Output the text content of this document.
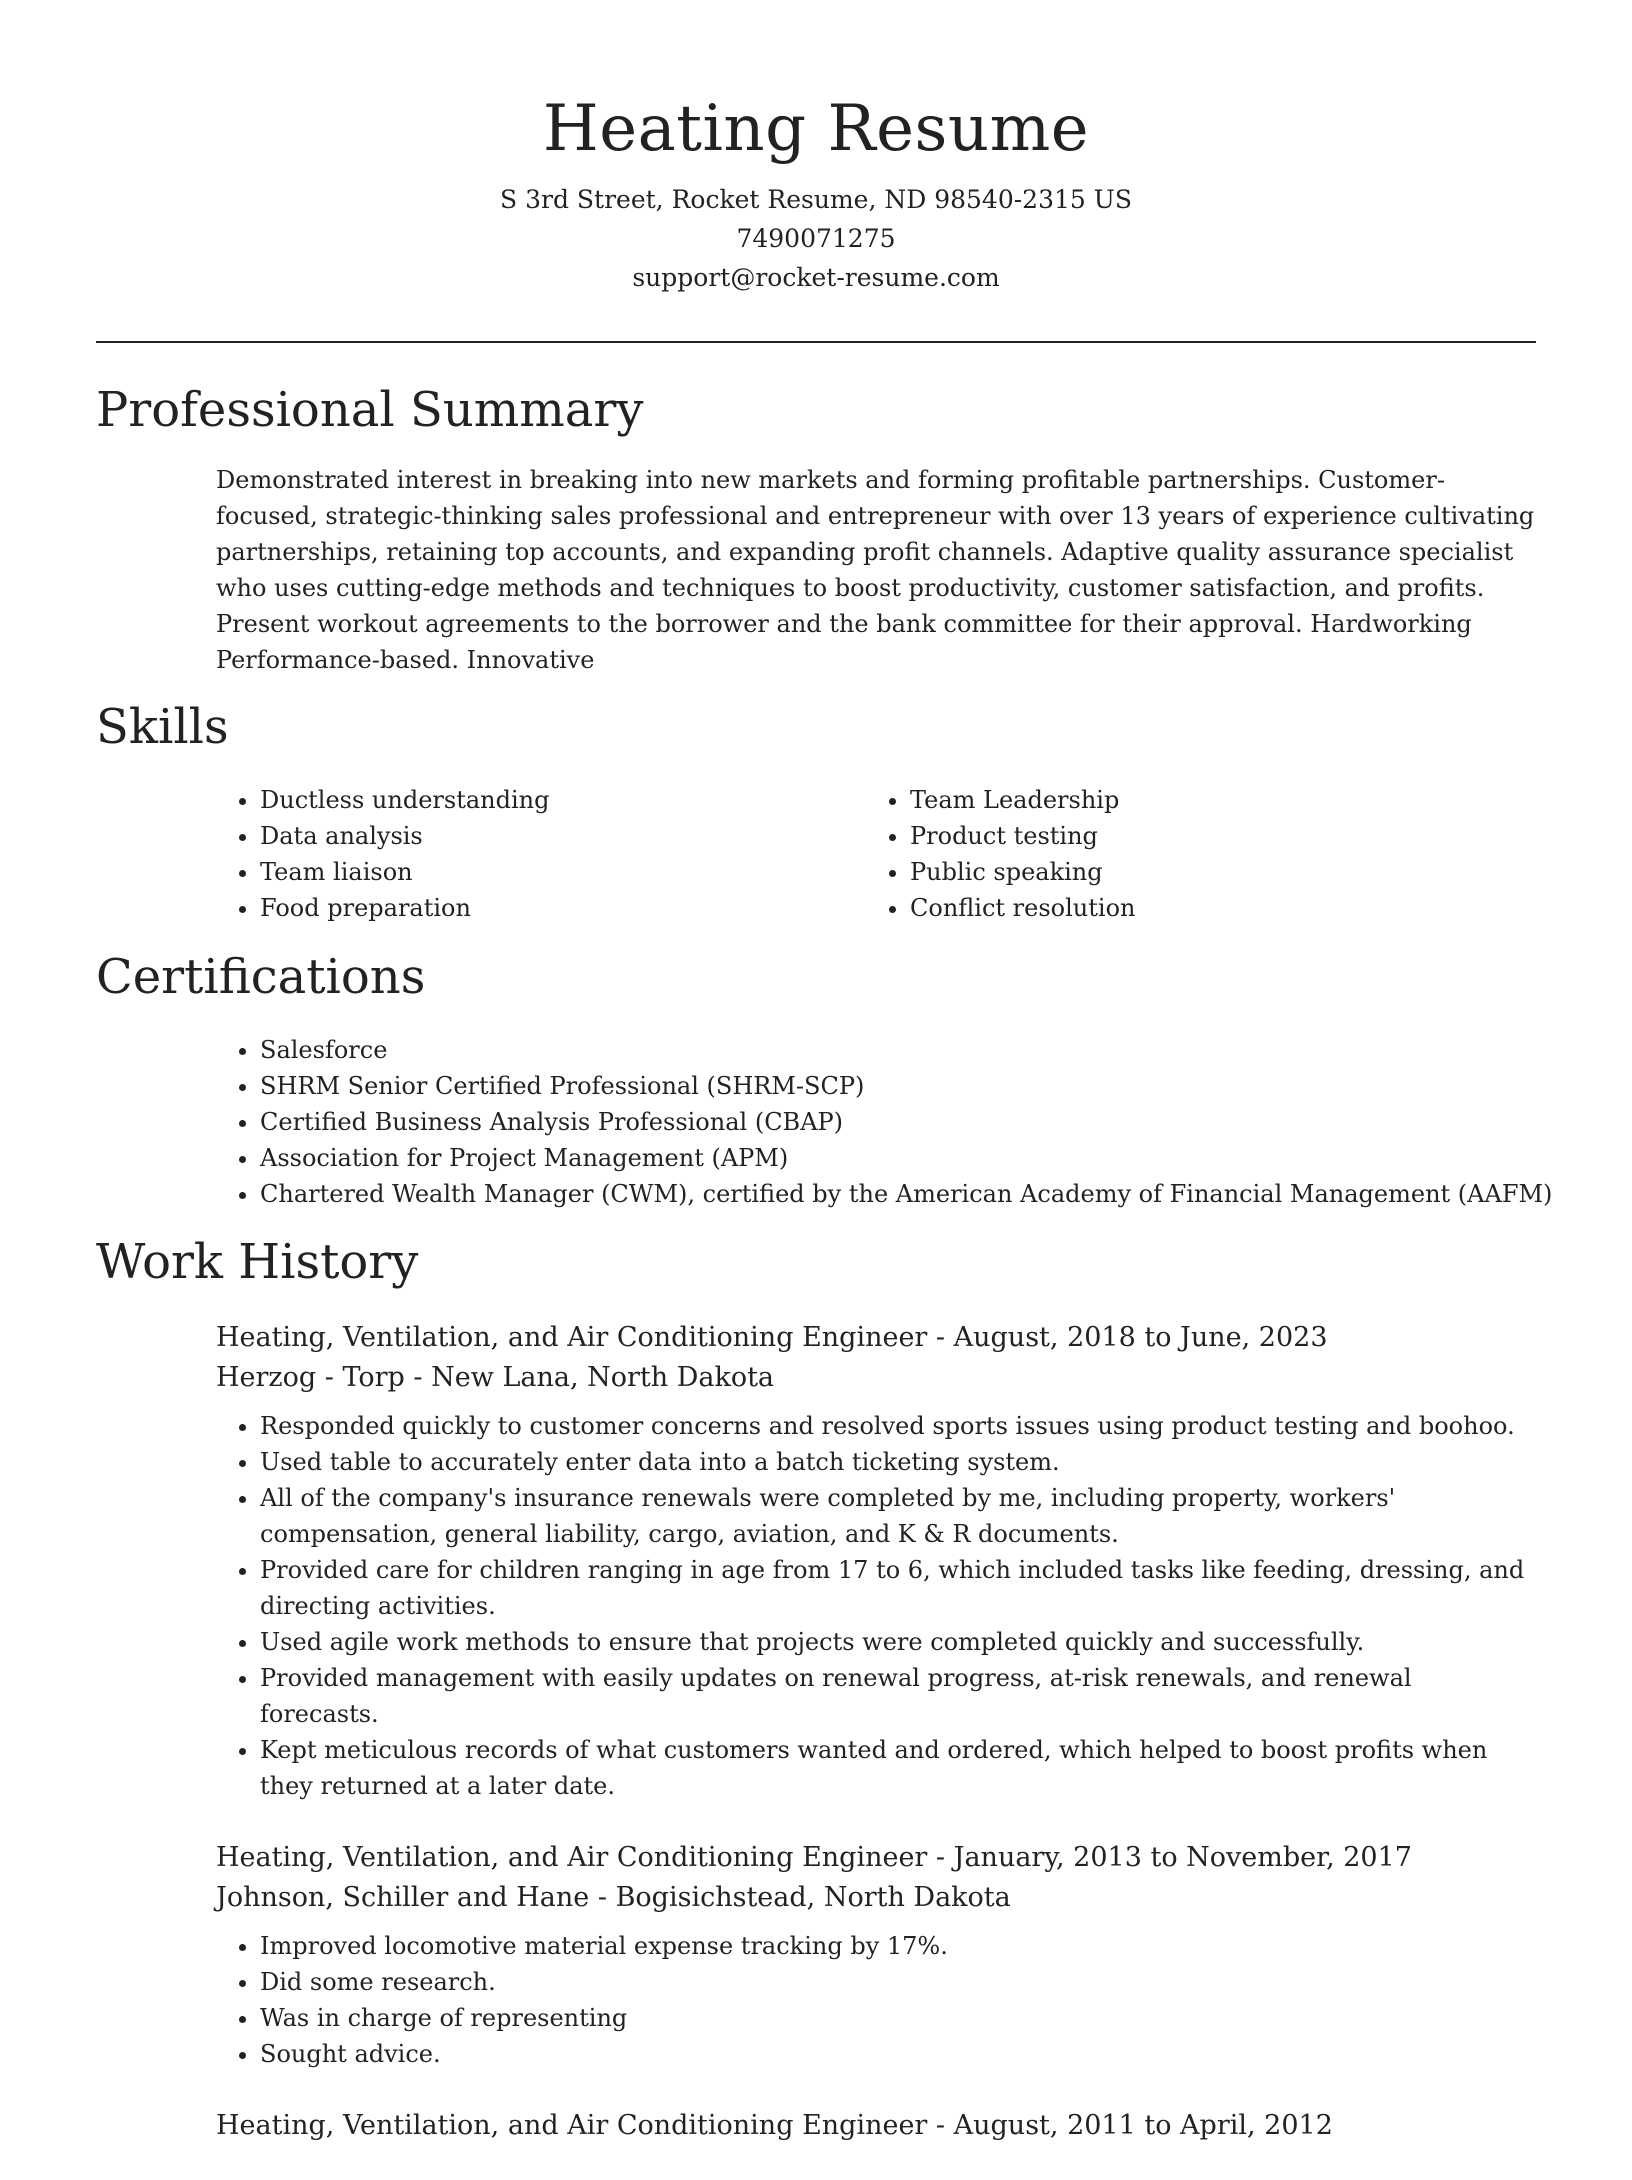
Heating Resume

S 3rd Street, Rocket Resume, ND 98540-2315 US

7490071275

support@rocket-resume.com

Professional Summary

Demonstrated interest in breaking into new markets and forming profitable partnerships. Customer-focused, strategic-thinking sales professional and entrepreneur with over 13 years of experience cultivating partnerships, retaining top accounts, and expanding profit channels. Adaptive quality assurance specialist who uses cutting-edge methods and techniques to boost productivity, customer satisfaction, and profits. Present workout agreements to the borrower and the bank committee for their approval. Hardworking Performance-based. Innovative

Skills
• Ductless understanding
• Data analysis
• Team liaison
• Food preparation
• Team Leadership
• Product testing
• Public speaking
• Conflict resolution
Certifications
• Salesforce
• SHRM Senior Certified Professional (SHRM-SCP)
• Certified Business Analysis Professional (CBAP)
• Association for Project Management (APM)
• Chartered Wealth Manager (CWM), certified by the American Academy of Financial Management (AAFM)
Work History

Heating, Ventilation, and Air Conditioning Engineer - August, 2018 to June, 2023

Herzog - Torp - New Lana, North Dakota

• Responded quickly to customer concerns and resolved sports issues using product testing and boohoo.
• Used table to accurately enter data into a batch ticketing system.
• All of the company's insurance renewals were completed by me, including property, workers' compensation, general liability, cargo, aviation, and K & R documents.
• Provided care for children ranging in age from 17 to 6, which included tasks like feeding, dressing, and directing activities.
• Used agile work methods to ensure that projects were completed quickly and successfully.
• Provided management with easily updates on renewal progress, at-risk renewals, and renewal forecasts.
• Kept meticulous records of what customers wanted and ordered, which helped to boost profits when they returned at a later date.

Heating, Ventilation, and Air Conditioning Engineer - January, 2013 to November, 2017

Johnson, Schiller and Hane - Bogisichstead, North Dakota

• Improved locomotive material expense tracking by 17%.
• Did some research.
• Was in charge of representing
• Sought advice.

Heating, Ventilation, and Air Conditioning Engineer - August, 2011 to April, 2012
